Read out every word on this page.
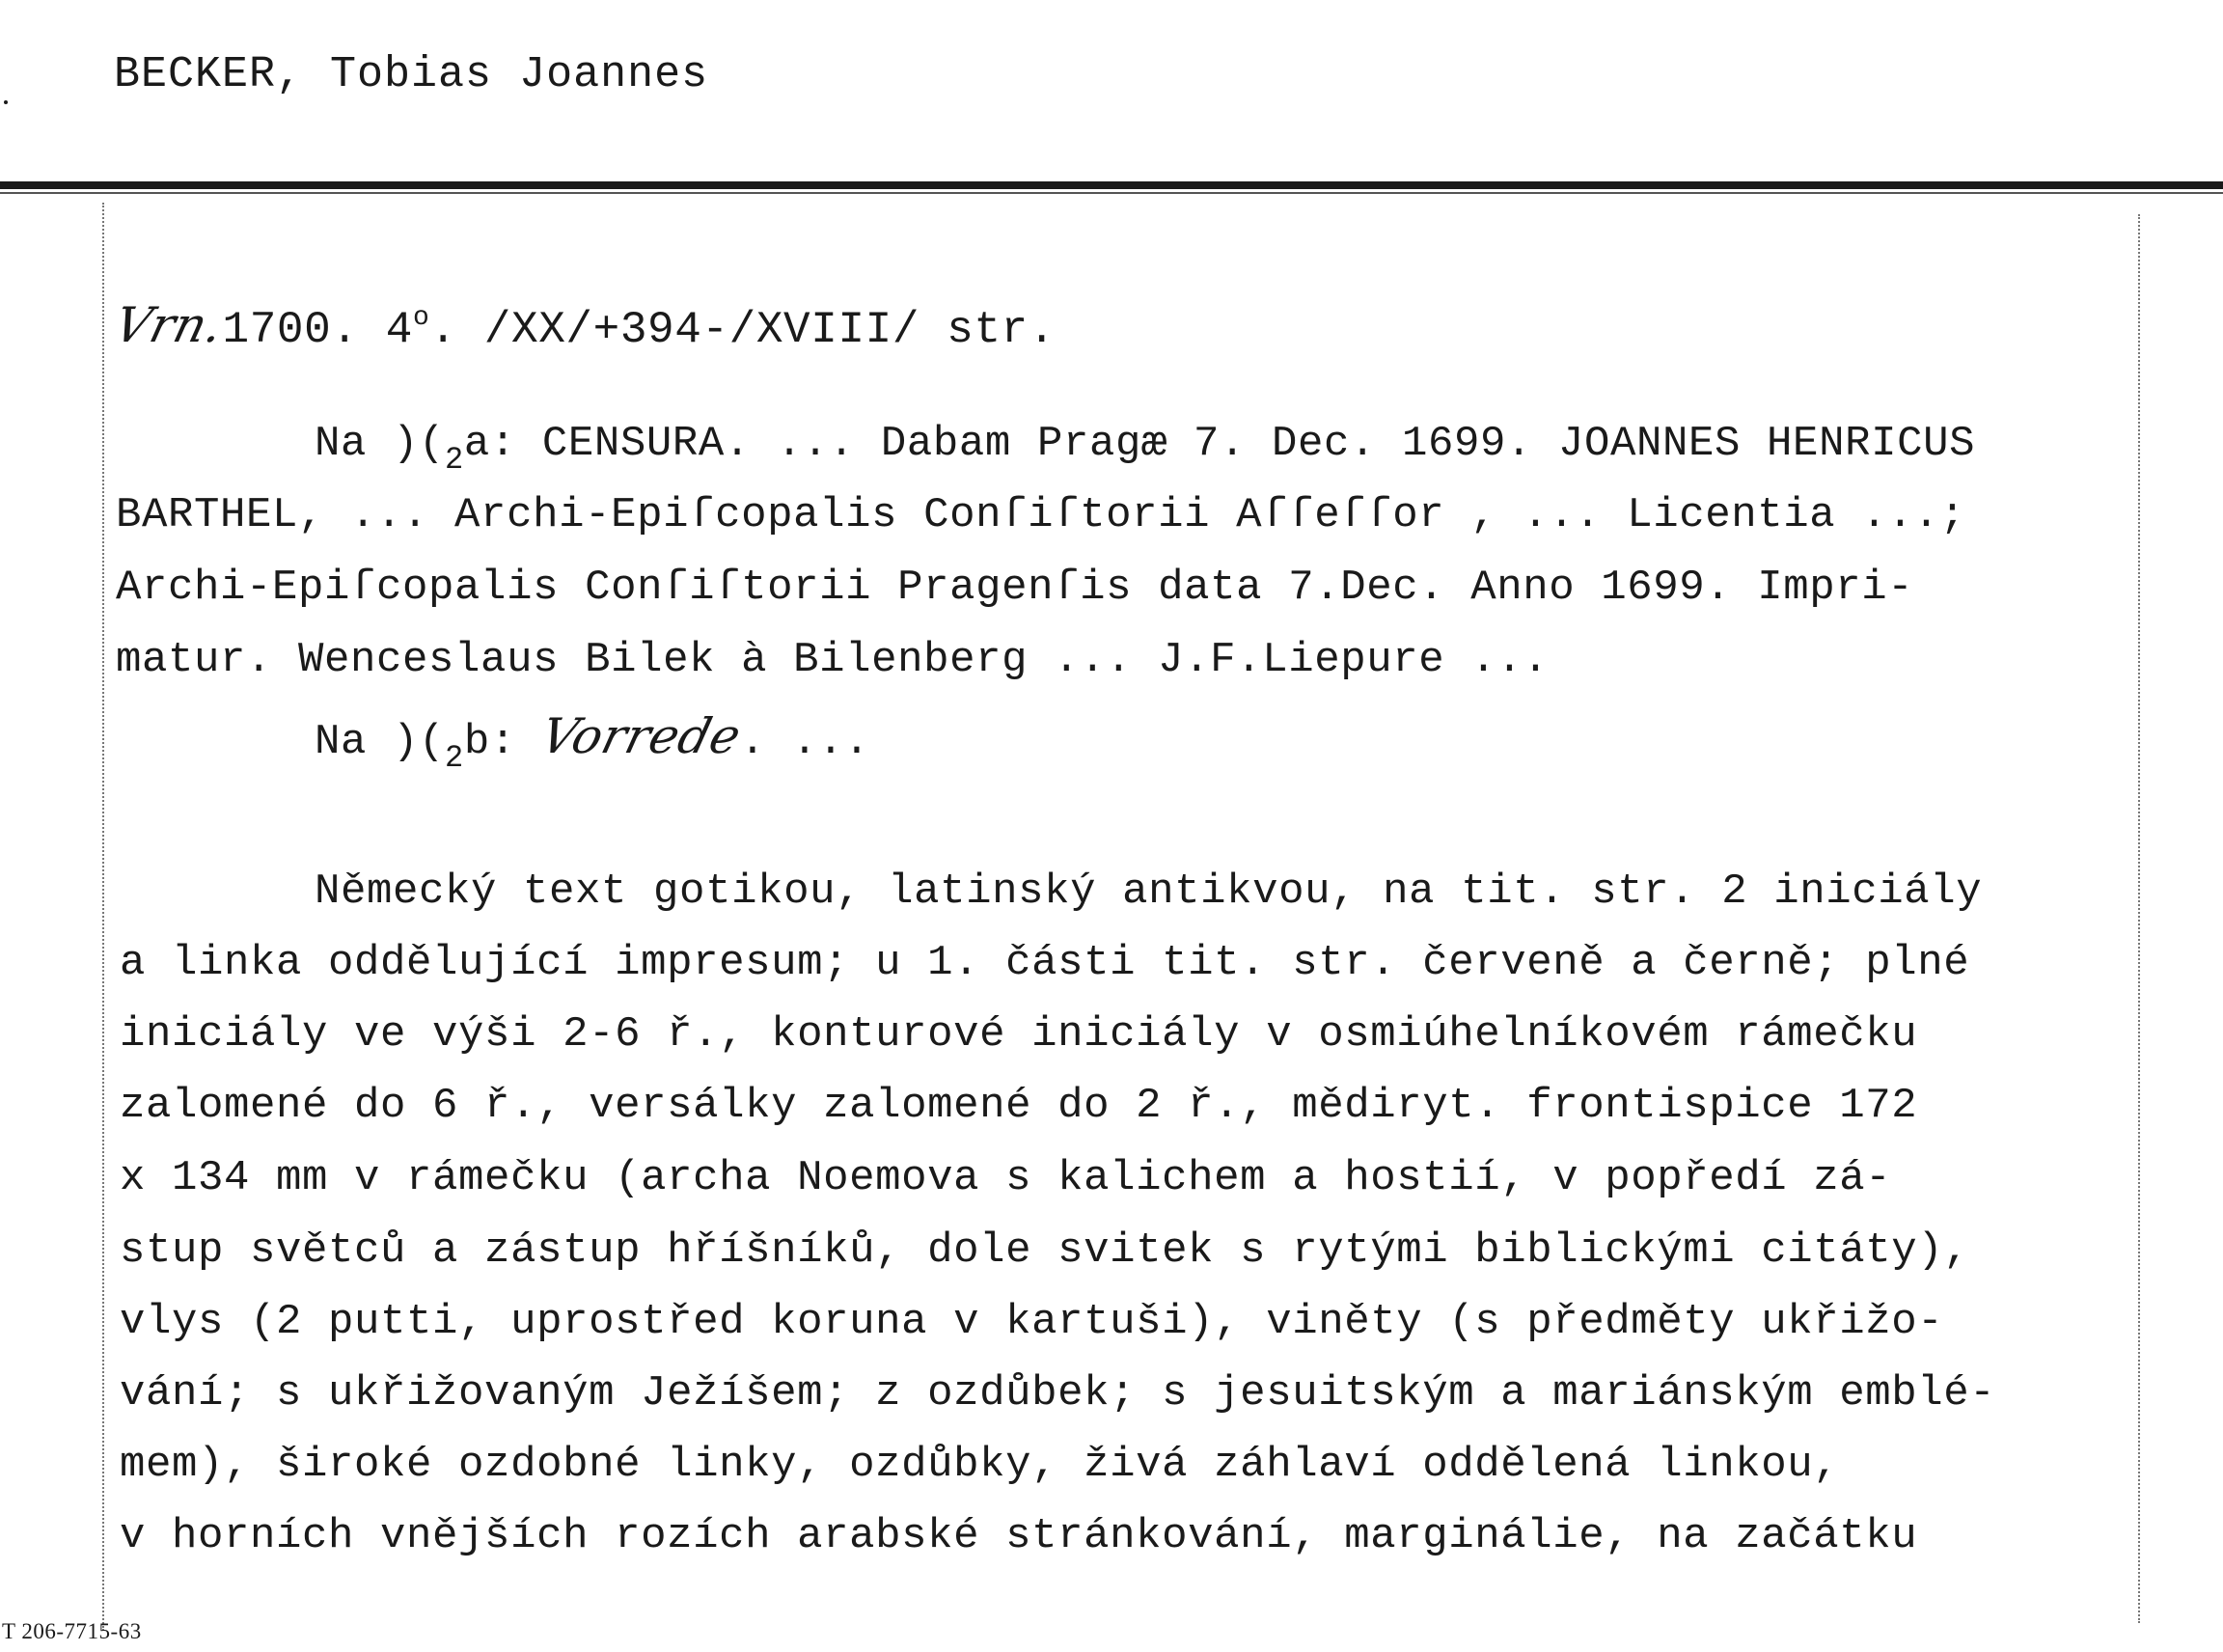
BECKER, Tobias Joannes
Vrn.1700. 4$^o$. /XX/+394-/XVIII/ str.
Na )($_2a$: CENSURA. ... Dabam Pragæ 7. Dec. 1699. JOANNES HENRICUS
BARTHEL, ... Archi-Epiſcopalis Conſiſtorii Aſſeſſor , ... Licentia ...;
Archi-Epiſcopalis Conſiſtorii Pragenſis data 7.Dec. Anno 1699. Impri-
matur. Wenceslaus Bilek à Bilenberg ... J.F.Liepure ...
Na )($_2b$: Vorrede. ...
Německý text gotikou, latinský antikvou, na tit. str. 2 iniciály
a linka oddělující impresum; u 1. části tit. str. červeně a černě; plné
iniciály ve výši 2-6 ř., konturové iniciály v osmiúhelníkovém rámečku
zalomené do 6 ř., versálky zalomené do 2 ř., mědiryt. frontispice 172
x 134 mm v rámečku (archa Noemova s kalichem a hostií, v popředí zá-
stup světců a zástup hříšníků, dole svitek s rytými biblickými citáty),
vlys (2 putti, uprostřed koruna v kartuši), viněty (s předměty ukřižo-
vání; s ukřižovaným Ježíšem; z ozdůbek; s jesuitským a mariánským emblé-
mem), široké ozdobné linky, ozdůbky, živá záhlaví oddělená linkou,
v horních vnějších rozích arabské stránkování, marginálie, na začátku
T 206-7715-63
